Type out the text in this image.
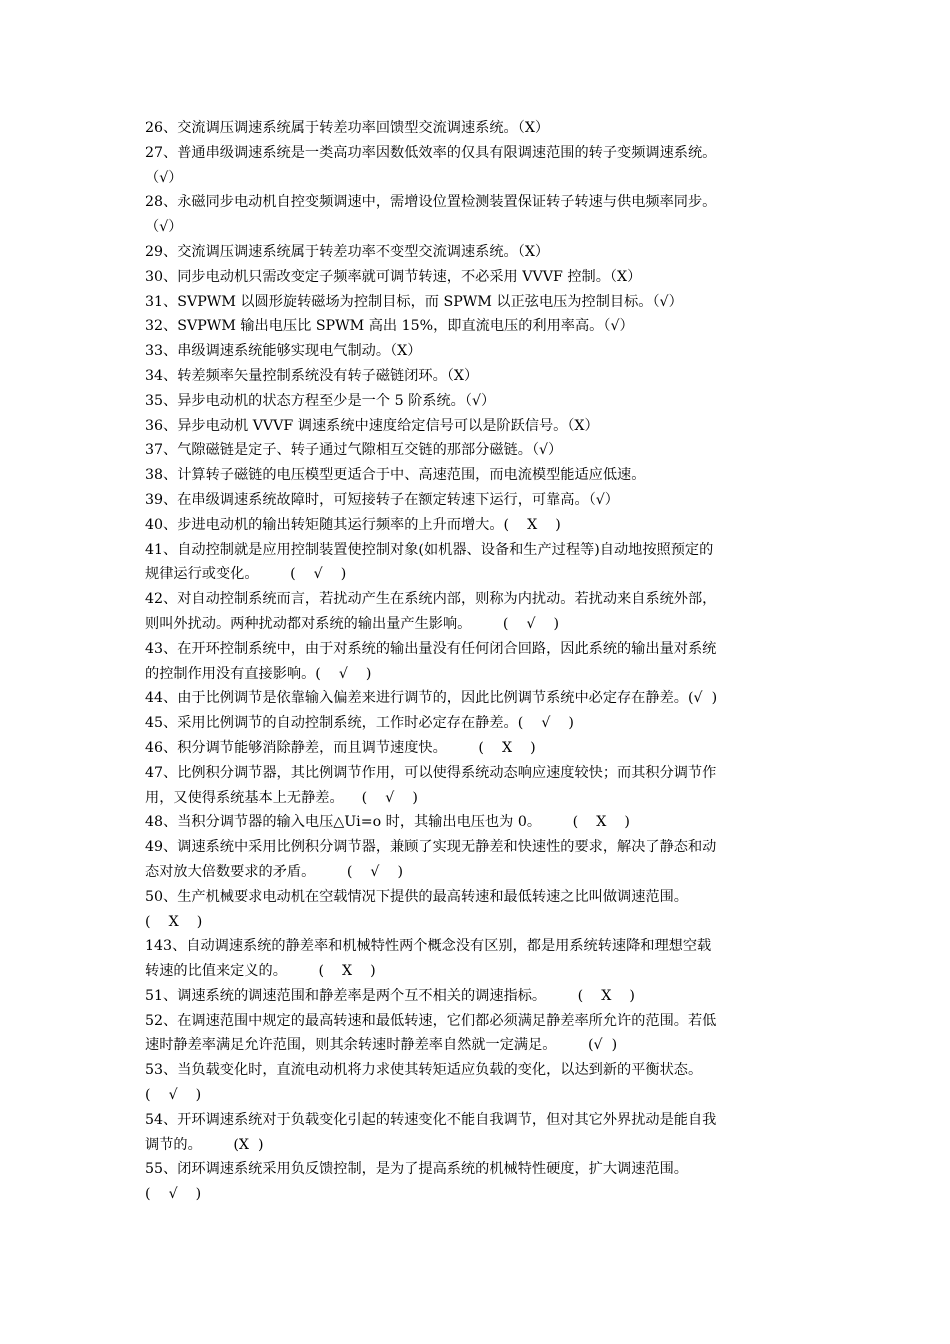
26、交流调压调速系统属于转差功率回馈型交流调速系统。（X）
27、普通串级调速系统是一类高功率因数低效率的仅具有限调速范围的转子变频调速系统。
（√）
28、永磁同步电动机自控变频调速中，需增设位置检测装置保证转子转速与供电频率同步。
（√）
29、交流调压调速系统属于转差功率不变型交流调速系统。（X）
30、同步电动机只需改变定子频率就可调节转速，不必采用 VVVF 控制。（X）
31、SVPWM 以圆形旋转磁场为控制目标，而 SPWM 以正弦电压为控制目标。（√）
32、SVPWM 输出电压比 SPWM 高出 15%，即直流电压的利用率高。（√）
33、串级调速系统能够实现电气制动。（X）
34、转差频率矢量控制系统没有转子磁链闭环。（X）
35、异步电动机的状态方程至少是一个 5 阶系统。（√）
36、异步电动机 VVVF 调速系统中速度给定信号可以是阶跃信号。（X）
37、气隙磁链是定子、转子通过气隙相互交链的那部分磁链。（√）
38、计算转子磁链的电压模型更适合于中、高速范围，而电流模型能适应低速。
39、在串级调速系统故障时，可短接转子在额定转速下运行，可靠高。（√）
40、步进电动机的输出转矩随其运行频率的上升而增大。(    X    )
41、自动控制就是应用控制装置使控制对象(如机器、设备和生产过程等)自动地按照预定的
规律运行或变化。       (    √    )
42、对自动控制系统而言，若扰动产生在系统内部，则称为内扰动。若扰动来自系统外部，
则叫外扰动。两种扰动都对系统的输出量产生影响。       (    √    )
43、在开环控制系统中，由于对系统的输出量没有任何闭合回路，因此系统的输出量对系统
的控制作用没有直接影响。(    √    )
44、由于比例调节是依靠输入偏差来进行调节的，因此比例调节系统中必定存在静差。(√  )
45、采用比例调节的自动控制系统，工作时必定存在静差。(    √    )
46、积分调节能够消除静差，而且调节速度快。       (    X    )
47、比例积分调节器，其比例调节作用，可以使得系统动态响应速度较快；而其积分调节作
用，又使得系统基本上无静差。    (    √    )
48、当积分调节器的输入电压△Ui=o 时，其输出电压也为 0。       (    X    )
49、调速系统中采用比例积分调节器，兼顾了实现无静差和快速性的要求，解决了静态和动
态对放大倍数要求的矛盾。       (    √    )
50、生产机械要求电动机在空载情况下提供的最高转速和最低转速之比叫做调速范围。
(    X    )
143、自动调速系统的静差率和机械特性两个概念没有区别，都是用系统转速降和理想空载
转速的比值来定义的。       (    X    )
51、调速系统的调速范围和静差率是两个互不相关的调速指标。       (    X    )
52、在调速范围中规定的最高转速和最低转速，它们都必须满足静差率所允许的范围。若低
速时静差率满足允许范围，则其余转速时静差率自然就一定满足。       (√  )
53、当负载变化时，直流电动机将力求使其转矩适应负载的变化，以达到新的平衡状态。
(    √    )
54、开环调速系统对于负载变化引起的转速变化不能自我调节，但对其它外界扰动是能自我
调节的。       (X  )
55、闭环调速系统采用负反馈控制，是为了提高系统的机械特性硬度，扩大调速范围。
(    √    )
